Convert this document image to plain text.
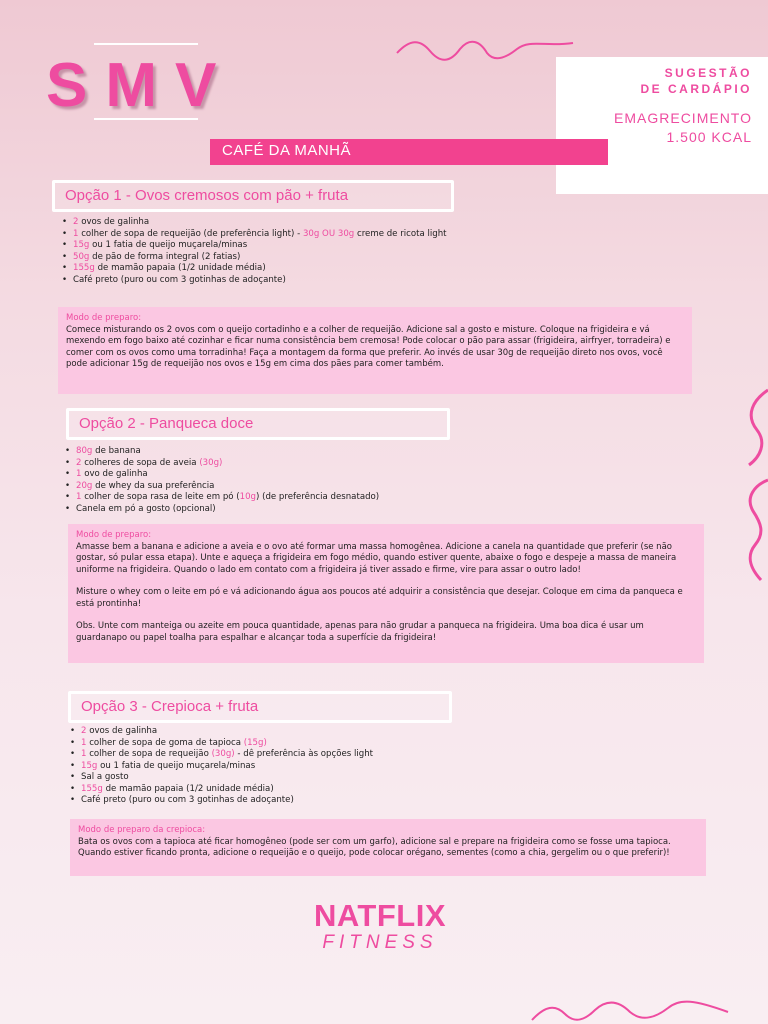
SMV	SUGESTÃO
DE CARDÁPIO
EMAGRECIMENTO
1.500 KCAL
CAFÉ DA MANHÃ
Opção 1 - Ovos cremosos com pão + fruta
• 2 ovos de galinha
• 1 colher de sopa de requeijão (de preferência light) - 30g OU 30g creme de ricota light
• 15g ou 1 fatia de queijo muçarela/minas
• 50g de pão de forma integral (2 fatias)
• 155g de mamão papaia (1/2 unidade média)
• Café preto (puro ou com 3 gotinhas de adoçante)
Modo de preparo:

Comece misturando os 2 ovos com o queijo cortadinho e a colher de requeijão. Adicione sal a gosto e misture. Coloque na frigideira e vá mexendo em fogo baixo até cozinhar e ficar numa consistência bem cremosa! Pode colocar o pão para assar (frigideira, airfryer, torradeira) e comer com os ovos como uma torradinha! Faça a montagem da forma que preferir. Ao invés de usar 30g de requeijão direto nos ovos, você pode adicionar 15g de requeijão nos ovos e 15g em cima dos pães para comer também.

Opção 2 - Panqueca doce
• 80g de banana
• 2 colheres de sopa de aveia (30g)
• 1 ovo de galinha
• 20g de whey da sua preferência
• 1 colher de sopa rasa de leite em pó (10g) (de preferência desnatado)
• Canela em pó a gosto (opcional)
Modo de preparo:

Amasse bem a banana e adicione a aveia e o ovo até formar uma massa homogênea. Adicione a canela na quantidade que preferir (se não gostar, só pular essa etapa). Unte e aqueça a frigideira em fogo médio, quando estiver quente, abaixe o fogo e despeje a massa de maneira uniforme na frigideira. Quando o lado em contato com a frigideira já tiver assado e firme, vire para assar o outro lado!

Misture o whey com o leite em pó e vá adicionando água aos poucos até adquirir a consistência que desejar. Coloque em cima da panqueca e está prontinha!

Obs. Unte com manteiga ou azeite em pouca quantidade, apenas para não grudar a panqueca na frigideira. Uma boa dica é usar um guardanapo ou papel toalha para espalhar e alcançar toda a superfície da frigideira!

Opção 3 - Crepioca + fruta
• 2 ovos de galinha
• 1 colher de sopa de goma de tapioca (15g)
• 1 colher de sopa de requeijão (30g) - dê preferência às opções light
• 15g ou 1 fatia de queijo muçarela/minas
• Sal a gosto
• 155g de mamão papaia (1/2 unidade média)
• Café preto (puro ou com 3 gotinhas de adoçante)
Modo de preparo da crepioca:

Bata os ovos com a tapioca até ficar homogêneo (pode ser com um garfo), adicione sal e prepare na frigideira como se fosse uma tapioca. Quando estiver ficando pronta, adicione o requeijão e o queijo, pode colocar orégano, sementes (como a chia, gergelim ou o que preferir)!

NATFLIX
FITNESS
